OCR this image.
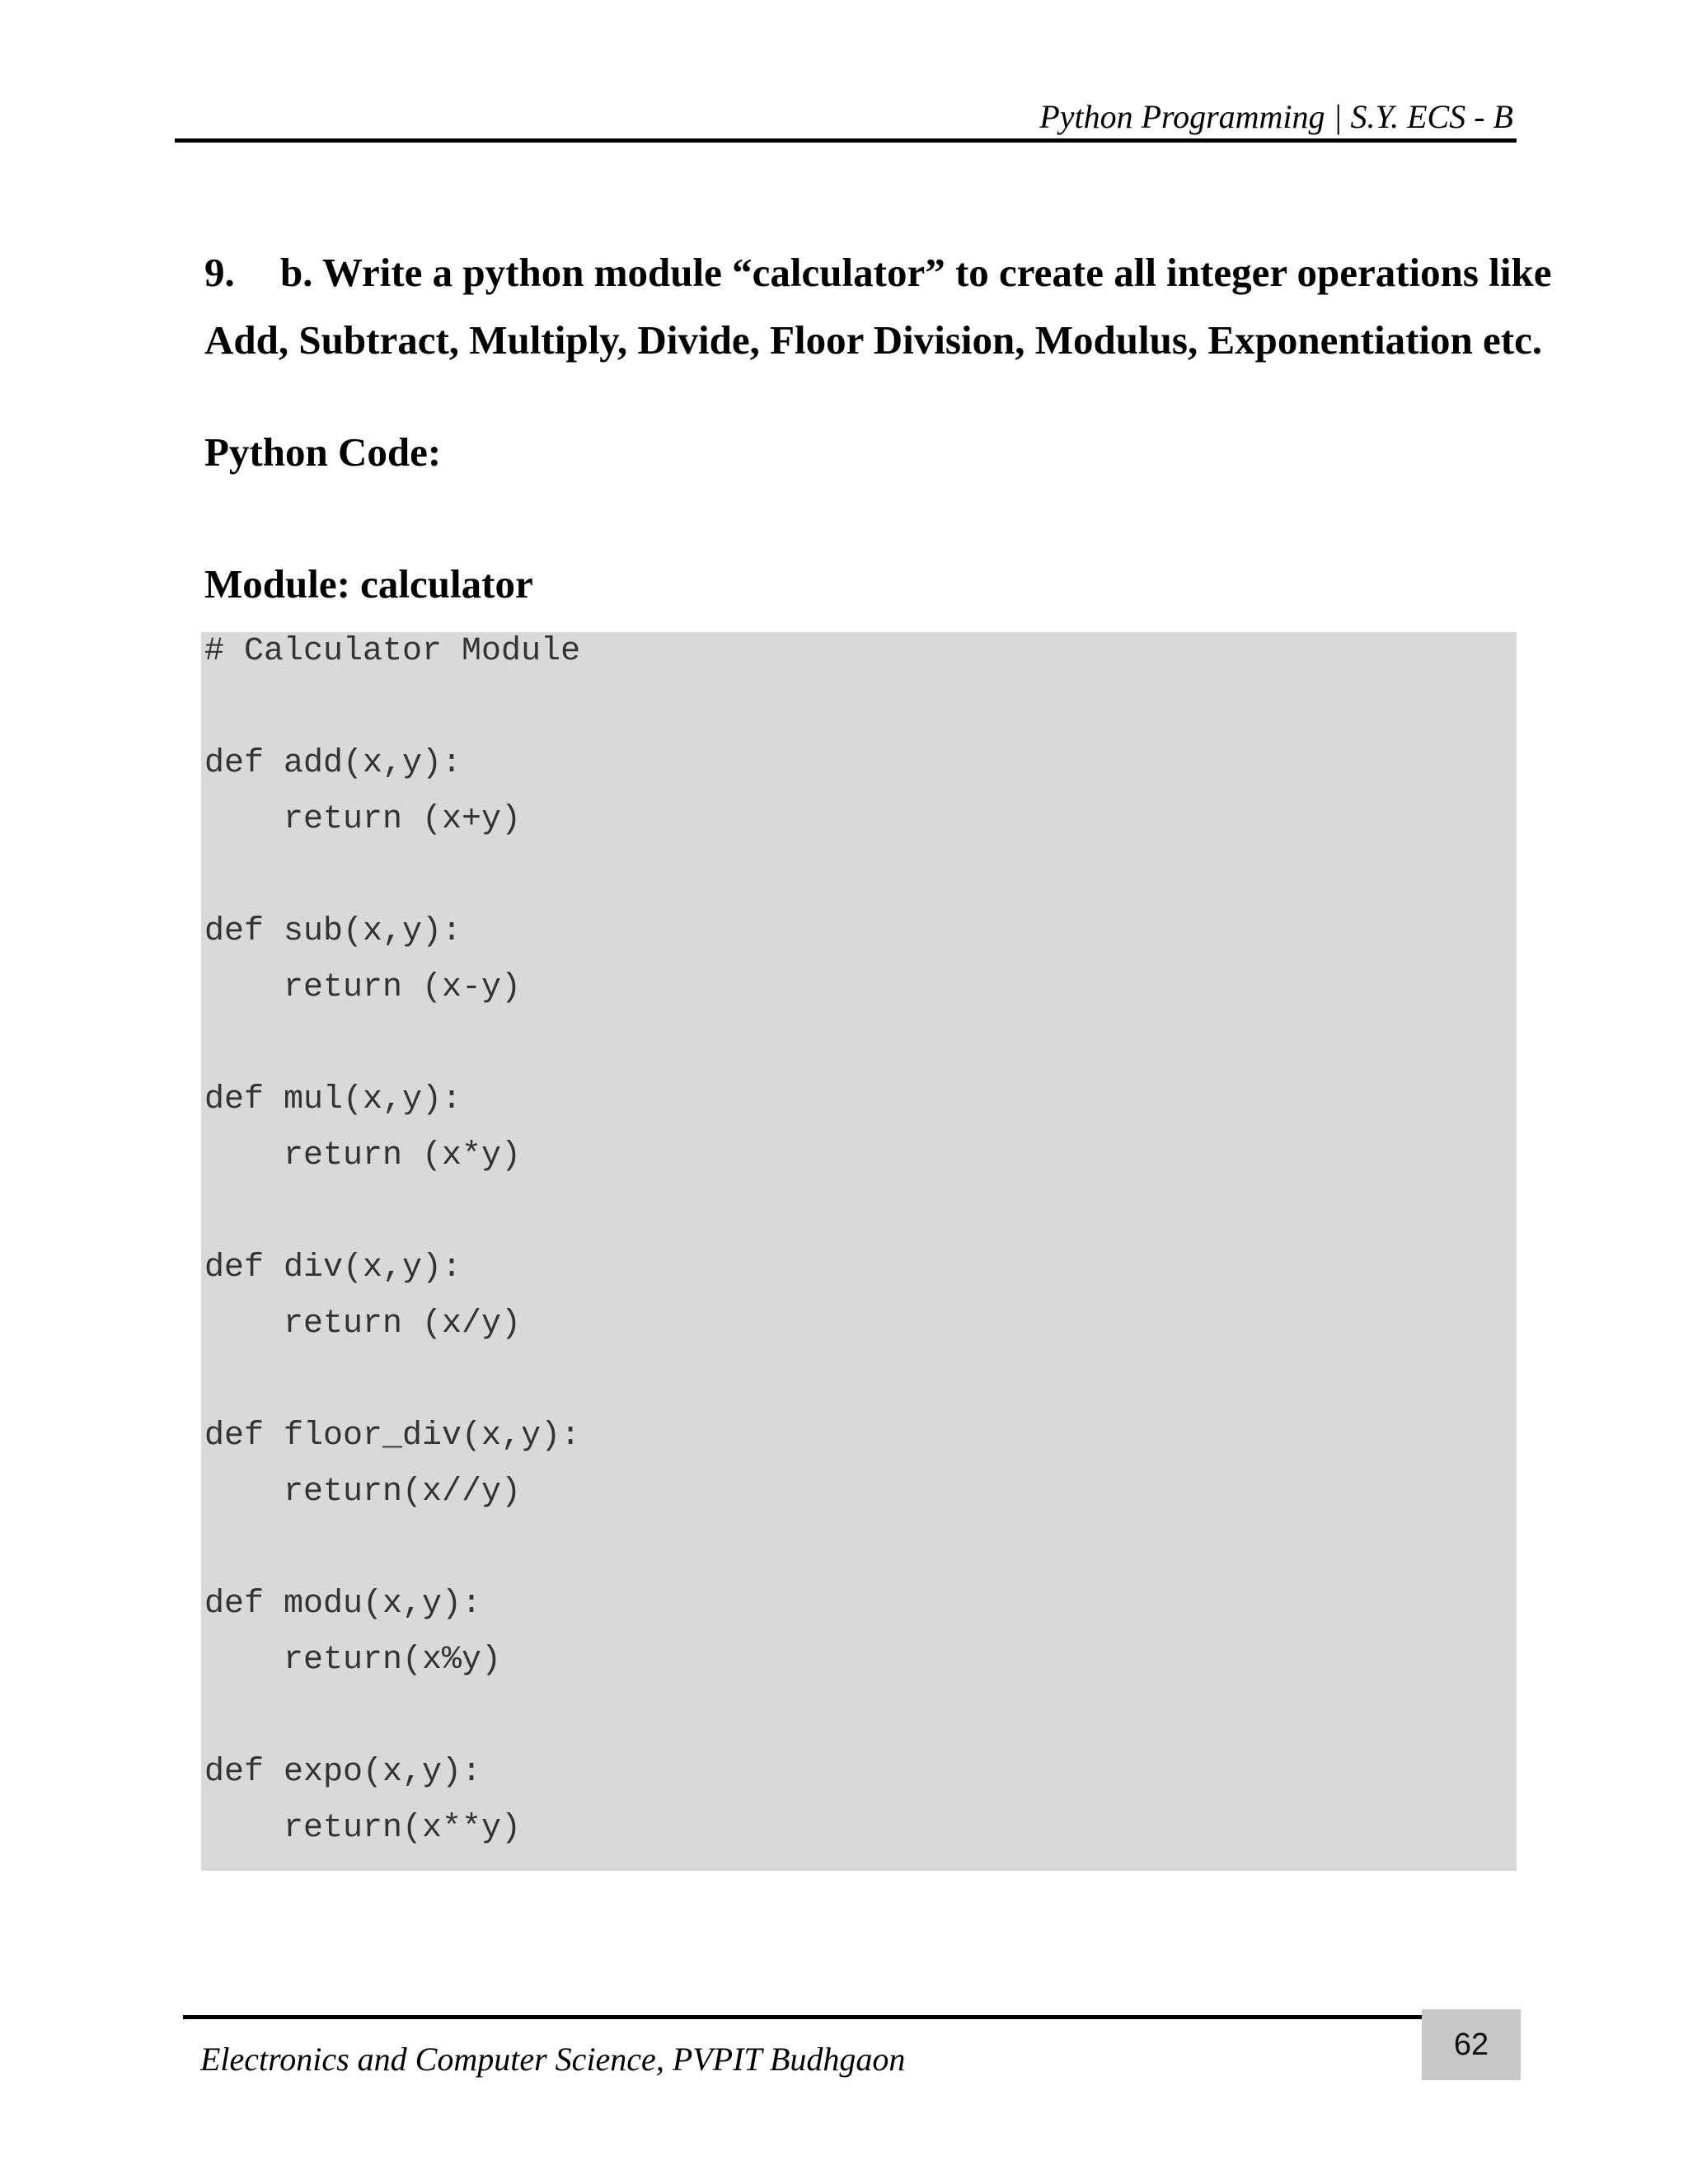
Python Programming | S.Y. ECS - B
9. b. Write a python module “calculator” to create all integer operations like
Add, Subtract, Multiply, Divide, Floor Division, Modulus, Exponentiation etc.
Python Code:
Module: calculator
# Calculator Module
def add(x,y):
return (x+y)
def sub(x,y):
return (x-y)
def mul(x,y):
return (x*y)
def div(x,y):
return (x/y)
def floor_div(x,y):
return(x//y)
def modu(x,y):
return(x%y)
def expo(x,y):
return(x**y)
62
Electronics and Computer Science, PVPIT Budhgaon
